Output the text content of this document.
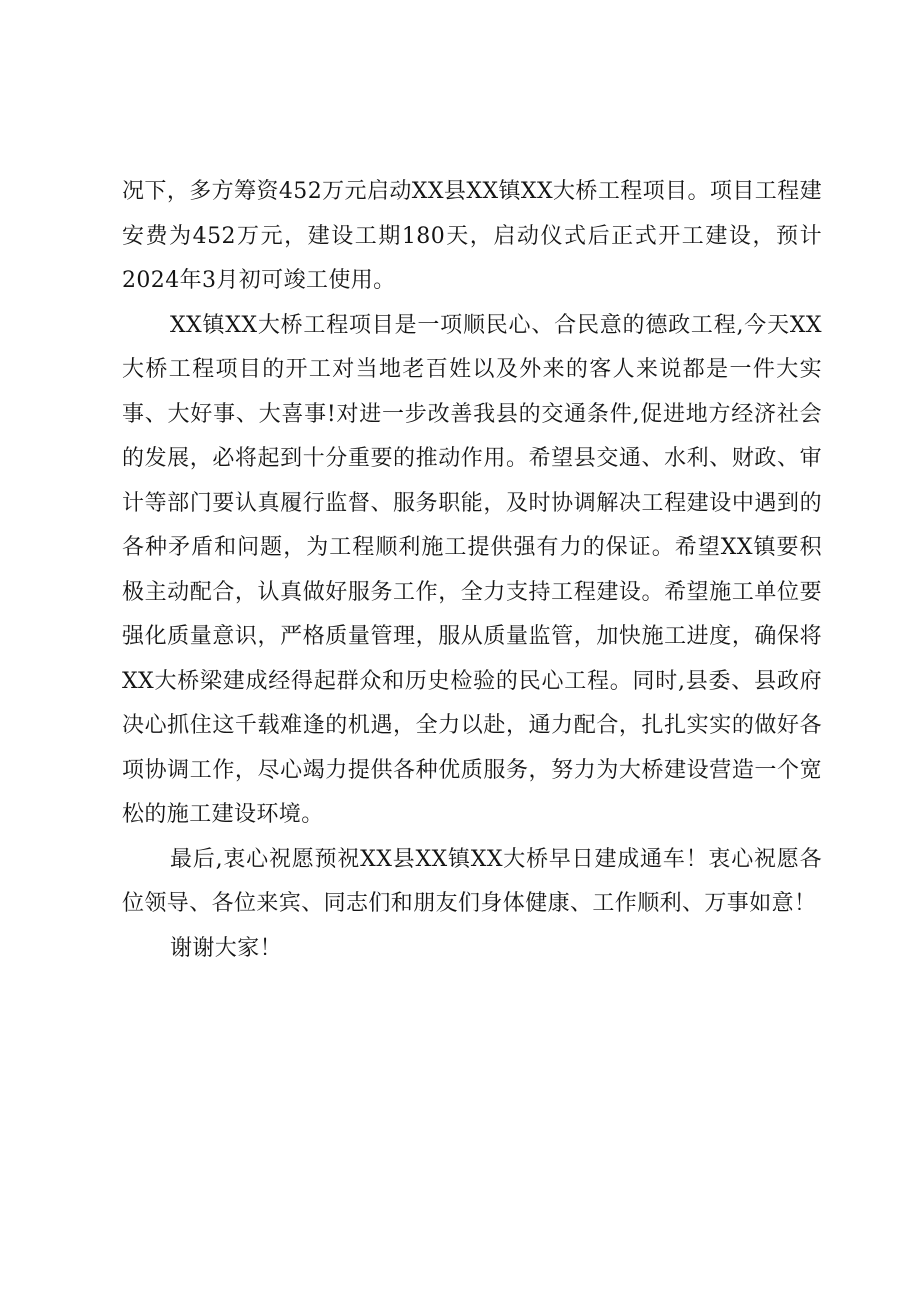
况下，多方筹资452万元启动XX县XX镇XX大桥工程项目。项目工程建安费为452万元，建设工期180天，启动仪式后正式开工建设，预计2024年3月初可竣工使用。

XX镇XX大桥工程项目是一项顺民心、合民意的德政工程,今天XX大桥工程项目的开工对当地老百姓以及外来的客人来说都是一件大实事、大好事、大喜事!对进一步改善我县的交通条件,促进地方经济社会的发展，必将起到十分重要的推动作用。希望县交通、水利、财政、审计等部门要认真履行监督、服务职能，及时协调解决工程建设中遇到的各种矛盾和问题，为工程顺利施工提供强有力的保证。希望XX镇要积极主动配合，认真做好服务工作，全力支持工程建设。希望施工单位要强化质量意识，严格质量管理，服从质量监管，加快施工进度，确保将XX大桥梁建成经得起群众和历史检验的民心工程。同时,县委、县政府决心抓住这千载难逢的机遇，全力以赴，通力配合，扎扎实实的做好各项协调工作，尽心竭力提供各种优质服务，努力为大桥建设营造一个宽松的施工建设环境。

最后,衷心祝愿预祝XX县XX镇XX大桥早日建成通车！衷心祝愿各位领导、各位来宾、同志们和朋友们身体健康、工作顺利、万事如意！

谢谢大家！
